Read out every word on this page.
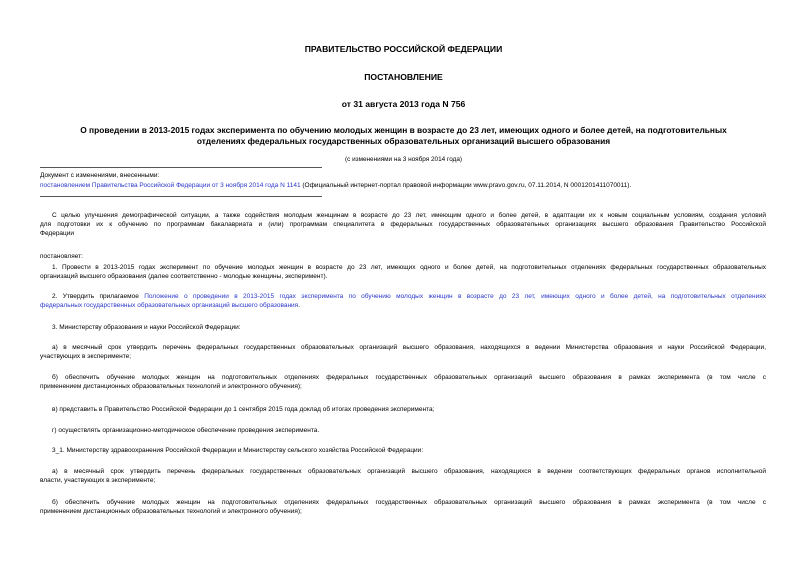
ПРАВИТЕЛЬСТВО РОССИЙСКОЙ ФЕДЕРАЦИИ
ПОСТАНОВЛЕНИЕ
от 31 августа 2013 года N 756
О проведении в 2013-2015 годах эксперимента по обучению молодых женщин в возрасте до 23 лет, имеющих одного и более детей, на подготовительных
отделениях федеральных государственных образовательных организаций высшего образования
(с изменениями на 3 ноября 2014 года)
Документ с изменениями, внесенными:
постановлением Правительства Российской Федерации от 3 ноября 2014 года N 1141 (Официальный интернет-портал правовой информации www.pravo.gov.ru, 07.11.2014, N 0001201411070011).
С целью улучшения демографической ситуации, а также содействия молодым женщинам в возрасте до 23 лет, имеющим одного и более детей, в адаптации их к новым социальным условиям, создания условий
для подготовки их к обучению по программам бакалавриата и (или) программам специалитета в федеральных государственных образовательных организациях высшего образования Правительство Российской
Федерации
постановляет:
1. Провести в 2013-2015 годах эксперимент по обучение молодых женщин в возрасте до 23 лет, имеющих одного и более детей, на подготовительных отделениях федеральных государственных образовательных
организаций высшего образования (далее соответственно - молодые женщины, эксперимент).
2. Утвердить прилагаемое Положение о проведении в 2013-2015 годах эксперимента по обучению молодых женщин в возрасте до 23 лет, имеющих одного и более детей, на подготовительных отделениях
федеральных государственных образовательных организаций высшего образования.
3. Министерству образования и науки Российской Федерации:
а) в месячный срок утвердить перечень федеральных государственных образовательных организаций высшего образования, находящихся в ведении Министерства образования и науки Российской Федерации,
участвующих в эксперименте;
б) обеспечить обучение молодых женщин на подготовительных отделениях федеральных государственных образовательных организаций высшего образования в рамках эксперимента (в том числе с
применением дистанционных образовательных технологий и электронного обучения);
в) представить в Правительство Российской Федерации до 1 сентября 2015 года доклад об итогах проведения эксперимента;
г) осуществлять организационно-методическое обеспечение проведения эксперимента.
3_1. Министерству здравоохранения Российской Федерации и Министерству сельского хозяйства Российской Федерации:
а) в месячный срок утвердить перечень федеральных государственных образовательных организаций высшего образования, находящихся в ведении соответствующих федеральных органов исполнительной
власти, участвующих в эксперименте;
б) обеспечить обучение молодых женщин на подготовительных отделениях федеральных государственных образовательных организаций высшего образования в рамках эксперимента (в том числе с
применением дистанционных образовательных технологий и электронного обучения);
